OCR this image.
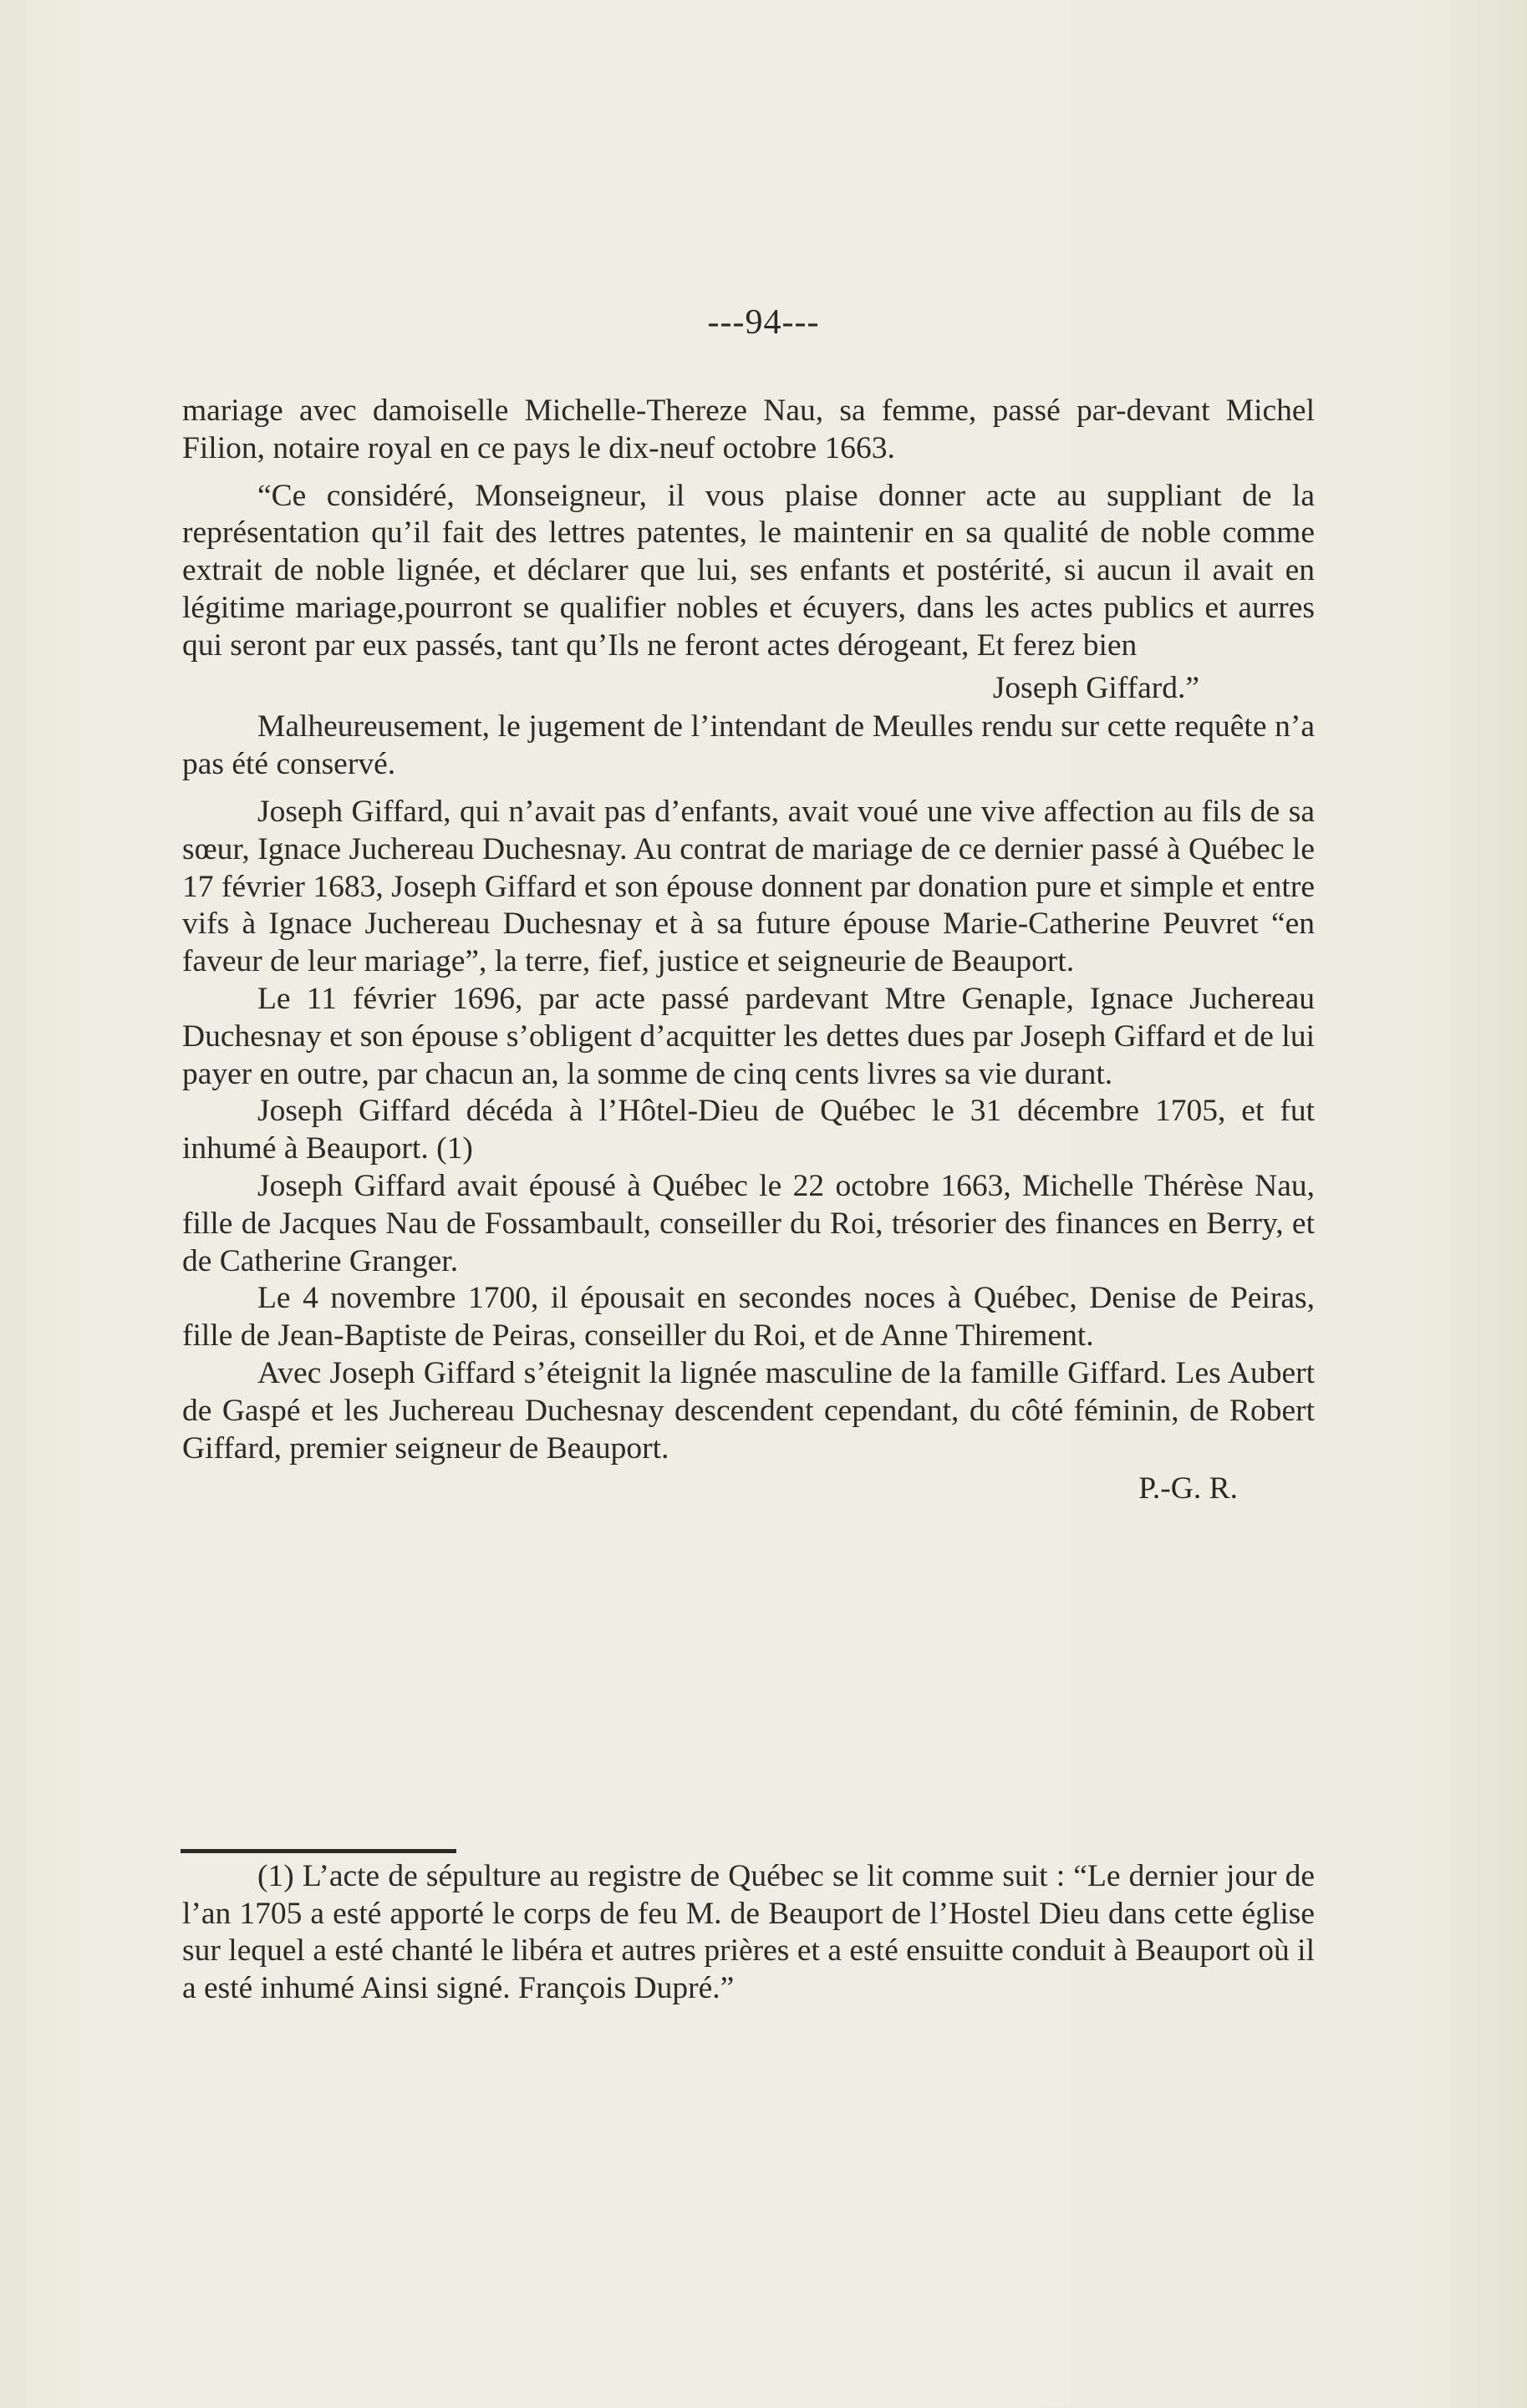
---94---

mariage avec damoiselle Michelle-Thereze Nau, sa femme, passé par-devant Michel Filion, notaire royal en ce pays le dix-neuf octobre 1663.

“Ce considéré, Monseigneur, il vous plaise donner acte au suppliant de la représentation qu’il fait des lettres patentes, le maintenir en sa qualité de noble comme extrait de noble lignée, et déclarer que lui, ses enfants et postérité, si aucun il avait en légitime mariage,pourront se qualifier nobles et écuyers, dans les actes publics et aurres qui seront par eux passés, tant qu’Ils ne feront actes dérogeant, Et ferez bien

Joseph Giffard.”

Malheureusement, le jugement de l’intendant de Meulles rendu sur cette requête n’a pas été conservé.

Joseph Giffard, qui n’avait pas d’enfants, avait voué une vive affection au fils de sa sœur, Ignace Juchereau Duchesnay. Au contrat de mariage de ce dernier passé à Québec le 17 février 1683, Joseph Giffard et son épouse donnent par donation pure et simple et entre vifs à Ignace Juchereau Duchesnay et à sa future épouse Marie-Catherine Peuvret “en faveur de leur mariage”, la terre, fief, justice et seigneurie de Beauport.

Le 11 février 1696, par acte passé pardevant Mtre Genaple, Ignace Juchereau Duchesnay et son épouse s’obligent d’acquitter les dettes dues par Joseph Giffard et de lui payer en outre, par chacun an, la somme de cinq cents livres sa vie durant.

Joseph Giffard décéda à l’Hôtel-Dieu de Québec le 31 décembre 1705, et fut inhumé à Beauport. (1)

Joseph Giffard avait épousé à Québec le 22 octobre 1663, Michelle Thérèse Nau, fille de Jacques Nau de Fossambault, conseiller du Roi, trésorier des finances en Berry, et de Catherine Granger.

Le 4 novembre 1700, il épousait en secondes noces à Québec, Denise de Peiras, fille de Jean-Baptiste de Peiras, conseiller du Roi, et de Anne Thirement.

Avec Joseph Giffard s’éteignit la lignée masculine de la famille Giffard. Les Aubert de Gaspé et les Juchereau Duchesnay descendent cependant, du côté féminin, de Robert Giffard, premier seigneur de Beauport.

P.-G. R.

(1) L’acte de sépulture au registre de Québec se lit comme suit : “Le dernier jour de l’an 1705 a esté apporté le corps de feu M. de Beauport de l’Hostel Dieu dans cette église sur lequel a esté chanté le libéra et autres prières et a esté ensuitte conduit à Beauport où il a esté inhumé Ainsi signé. François Dupré.”
